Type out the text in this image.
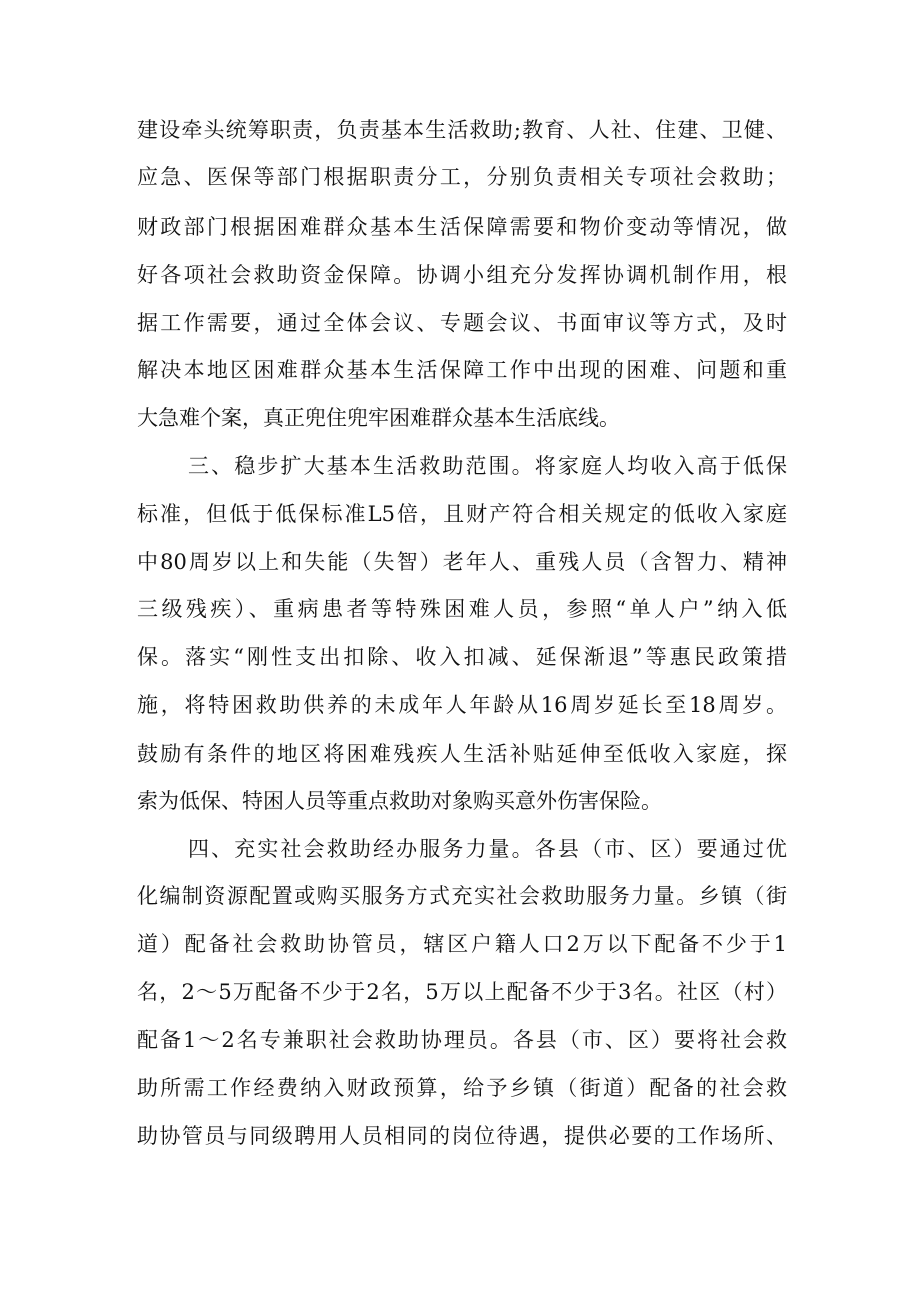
建设牵头统筹职责，负责基本生活救助;教育、人社、住建、卫健、
应急、医保等部门根据职责分工，分别负责相关专项社会救助；
财政部门根据困难群众基本生活保障需要和物价变动等情况，做
好各项社会救助资金保障。协调小组充分发挥协调机制作用，根
据工作需要，通过全体会议、专题会议、书面审议等方式，及时
解决本地区困难群众基本生活保障工作中出现的困难、问题和重
大急难个案，真正兜住兜牢困难群众基本生活底线。
三、稳步扩大基本生活救助范围。将家庭人均收入高于低保
标准，但低于低保标准L5倍，且财产符合相关规定的低收入家庭
中80周岁以上和失能（失智）老年人、重残人员（含智力、精神
三级残疾）、重病患者等特殊困难人员，参照“单人户”纳入低
保。落实“刚性支出扣除、收入扣减、延保渐退”等惠民政策措
施，将特困救助供养的未成年人年龄从16周岁延长至18周岁。
鼓励有条件的地区将困难残疾人生活补贴延伸至低收入家庭，探
索为低保、特困人员等重点救助对象购买意外伤害保险。
四、充实社会救助经办服务力量。各县（市、区）要通过优
化编制资源配置或购买服务方式充实社会救助服务力量。乡镇（街
道）配备社会救助协管员，辖区户籍人口2万以下配备不少于1
名，2～5万配备不少于2名，5万以上配备不少于3名。社区（村）
配备1～2名专兼职社会救助协理员。各县（市、区）要将社会救
助所需工作经费纳入财政预算，给予乡镇（街道）配备的社会救
助协管员与同级聘用人员相同的岗位待遇，提供必要的工作场所、
